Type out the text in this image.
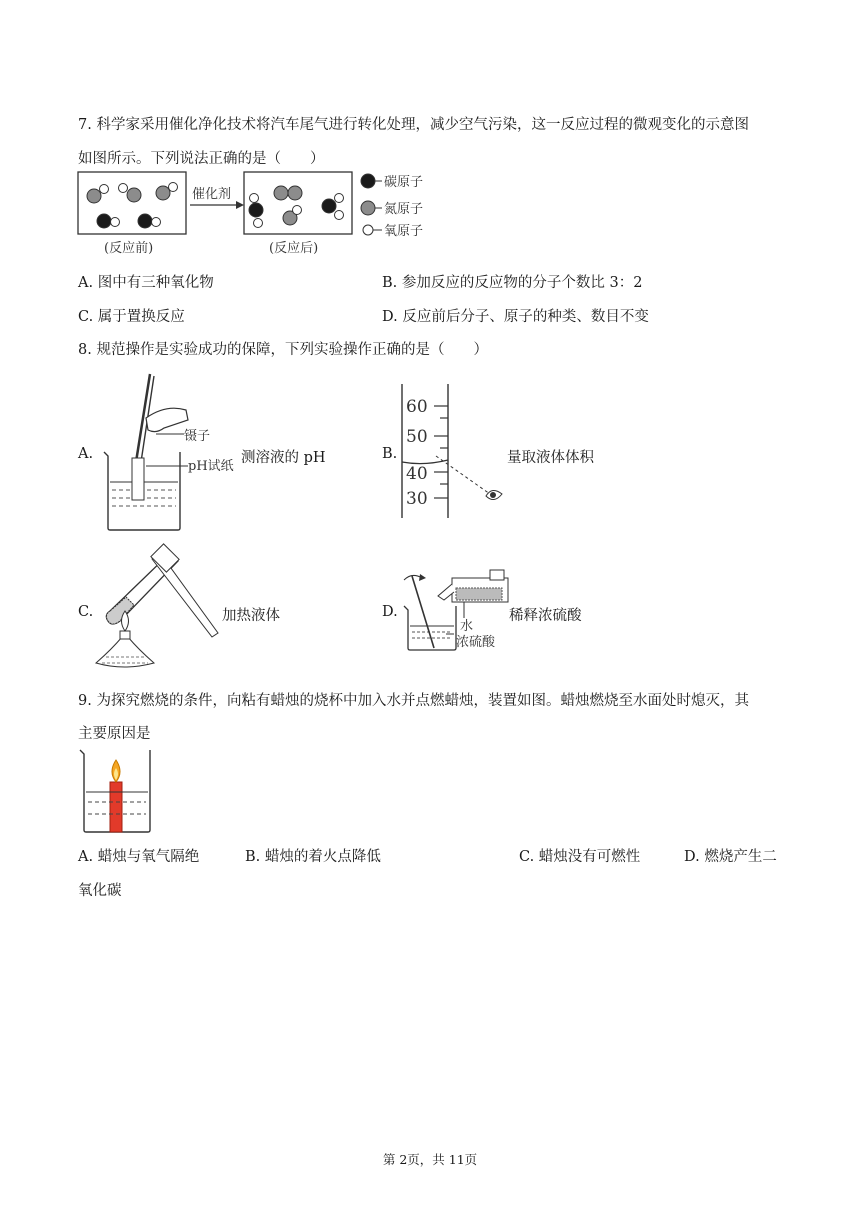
7. 科学家采用催化净化技术将汽车尾气进行转化处理，减少空气污染，这一反应过程的微观变化的示意图
如图所示。下列说法正确的是（　　）
催化剂
(反应前)	(反应后)
碳原子
氮原子
氧原子
A. 图中有三种氧化物	B. 参加反应的反应物的分子个数比 3：2
C. 属于置换反应	D. 反应前后分子、原子的种类、数目不变
8. 规范操作是实验成功的保障，下列实验操作正确的是（　　）
A.
镊子
pH试纸
测溶液的 pH	B.
60
50
40
30
量取液体体积
C.	加热液体	D.
水
浓硫酸
稀释浓硫酸
9. 为探究燃烧的条件，向粘有蜡烛的烧杯中加入水并点燃蜡烛，装置如图。蜡烛燃烧至水面处时熄灭，其
主要原因是
A. 蜡烛与氧气隔绝	B. 蜡烛的着火点降低	C. 蜡烛没有可燃性	D. 燃烧产生二
氧化碳
第 2页，共 11页
